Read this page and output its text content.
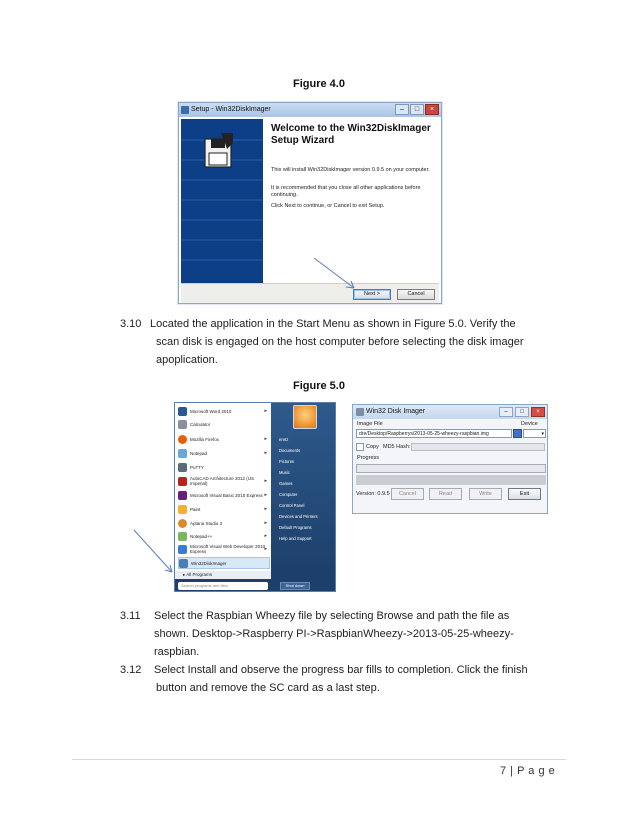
Figure 4.0
Setup - Win32DiskImager	–	□	×
Welcome to the Win32DiskImager Setup Wizard
This will install Win32DiskImager version 0.9.5 on your computer.
It is recommended that you close all other applications before continuing.
Click Next to continue, or Cancel to exit Setup.
Next >	Cancel
3.10 Located the application in the Start Menu as shown in Figure 5.0. Verify the
scan disk is engaged on the host computer before selecting the disk imager
apoplication.
Figure 5.0
Microsoft Word 2010	▸
Calculator
Mozilla Firefox	▸
Notepad	▸
PuTTY
AutoCAD Architecture 2012 (US Imperial)	▸
Microsoft Visual Basic 2010 Express ▸
Paint	▸
Aptana Studio 3	▸
Notepad++	▸
Microsoft Visual Web Developer 2010 Express	▸
Win32DiskImager
▸ All Programs
eretz
Documents
Pictures
Music
Games
Computer
Control Panel
Devices and Printers
Default Programs
Help and Support
Search programs and files	Shut down
Win32 Disk Imager	–	□	×
Image File	Device
dre/Desktop/Raspberrys/2013-05-25-wheezy-raspbian.img	▾
Copy MD5 Hash:
Progress
Version: 0.9.5	Cancel	Read	Write	Exit
3.11 Select the Raspbian Wheezy file by selecting Browse and path the file as
shown. Desktop->Raspberry PI->RaspbianWheezy->2013-05-25-wheezy-
raspbian.
3.12 Select Install and observe the progress bar fills to completion. Click the finish
button and remove the SC card as a last step.
7 | P a g e
